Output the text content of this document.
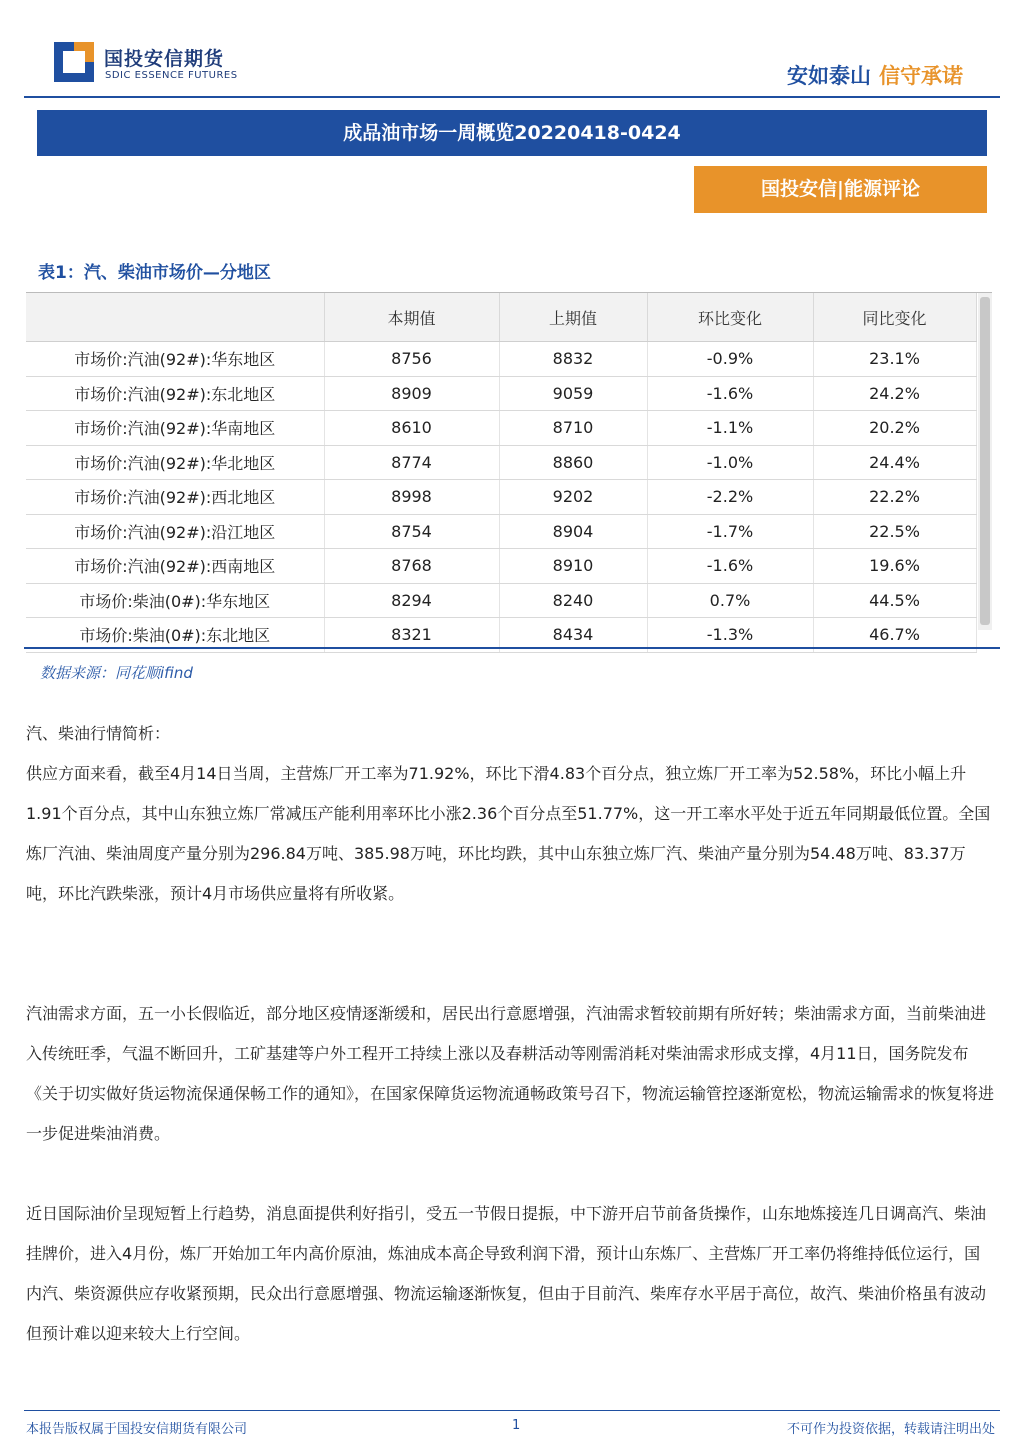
国投安信期货
SDIC ESSENCE FUTURES	安如泰山 信守承诺
成品油市场一周概览20220418-0424
国投安信|能源评论
表1：汽、柴油市场价—分地区
	本期值	上期值	环比变化	同比变化
市场价:汽油(92#):华东地区	8756	8832	-0.9%	23.1%
市场价:汽油(92#):东北地区	8909	9059	-1.6%	24.2%
市场价:汽油(92#):华南地区	8610	8710	-1.1%	20.2%
市场价:汽油(92#):华北地区	8774	8860	-1.0%	24.4%
市场价:汽油(92#):西北地区	8998	9202	-2.2%	22.2%
市场价:汽油(92#):沿江地区	8754	8904	-1.7%	22.5%
市场价:汽油(92#):西南地区	8768	8910	-1.6%	19.6%
市场价:柴油(0#):华东地区	8294	8240	0.7%	44.5%
市场价:柴油(0#):东北地区	8321	8434	-1.3%	46.7%
数据来源：同花顺ifind

汽、柴油行情简析：

供应方面来看，截至4月14日当周，主营炼厂开工率为71.92%，环比下滑4.83个百分点，独立炼厂开工率为52.58%，环比小幅上升1.91个百分点，其中山东独立炼厂常减压产能利用率环比小涨2.36个百分点至51.77%，这一开工率水平处于近五年同期最低位置。全国炼厂汽油、柴油周度产量分别为296.84万吨、385.98万吨，环比均跌，其中山东独立炼厂汽、柴油产量分别为54.48万吨、83.37万吨，环比汽跌柴涨，预计4月市场供应量将有所收紧。

汽油需求方面，五一小长假临近，部分地区疫情逐渐缓和，居民出行意愿增强，汽油需求暂较前期有所好转；柴油需求方面，当前柴油进入传统旺季，气温不断回升，工矿基建等户外工程开工持续上涨以及春耕活动等刚需消耗对柴油需求形成支撑，4月11日，国务院发布《关于切实做好货运物流保通保畅工作的通知》，在国家保障货运物流通畅政策号召下，物流运输管控逐渐宽松，物流运输需求的恢复将进一步促进柴油消费。

近日国际油价呈现短暂上行趋势，消息面提供利好指引，受五一节假日提振，中下游开启节前备货操作，山东地炼接连几日调高汽、柴油挂牌价，进入4月份，炼厂开始加工年内高价原油，炼油成本高企导致利润下滑，预计山东炼厂、主营炼厂开工率仍将维持低位运行，国内汽、柴资源供应存收紧预期，民众出行意愿增强、物流运输逐渐恢复，但由于目前汽、柴库存水平居于高位，故汽、柴油价格虽有波动但预计难以迎来较大上行空间。

本报告版权属于国投安信期货有限公司	1	不可作为投资依据，转载请注明出处
